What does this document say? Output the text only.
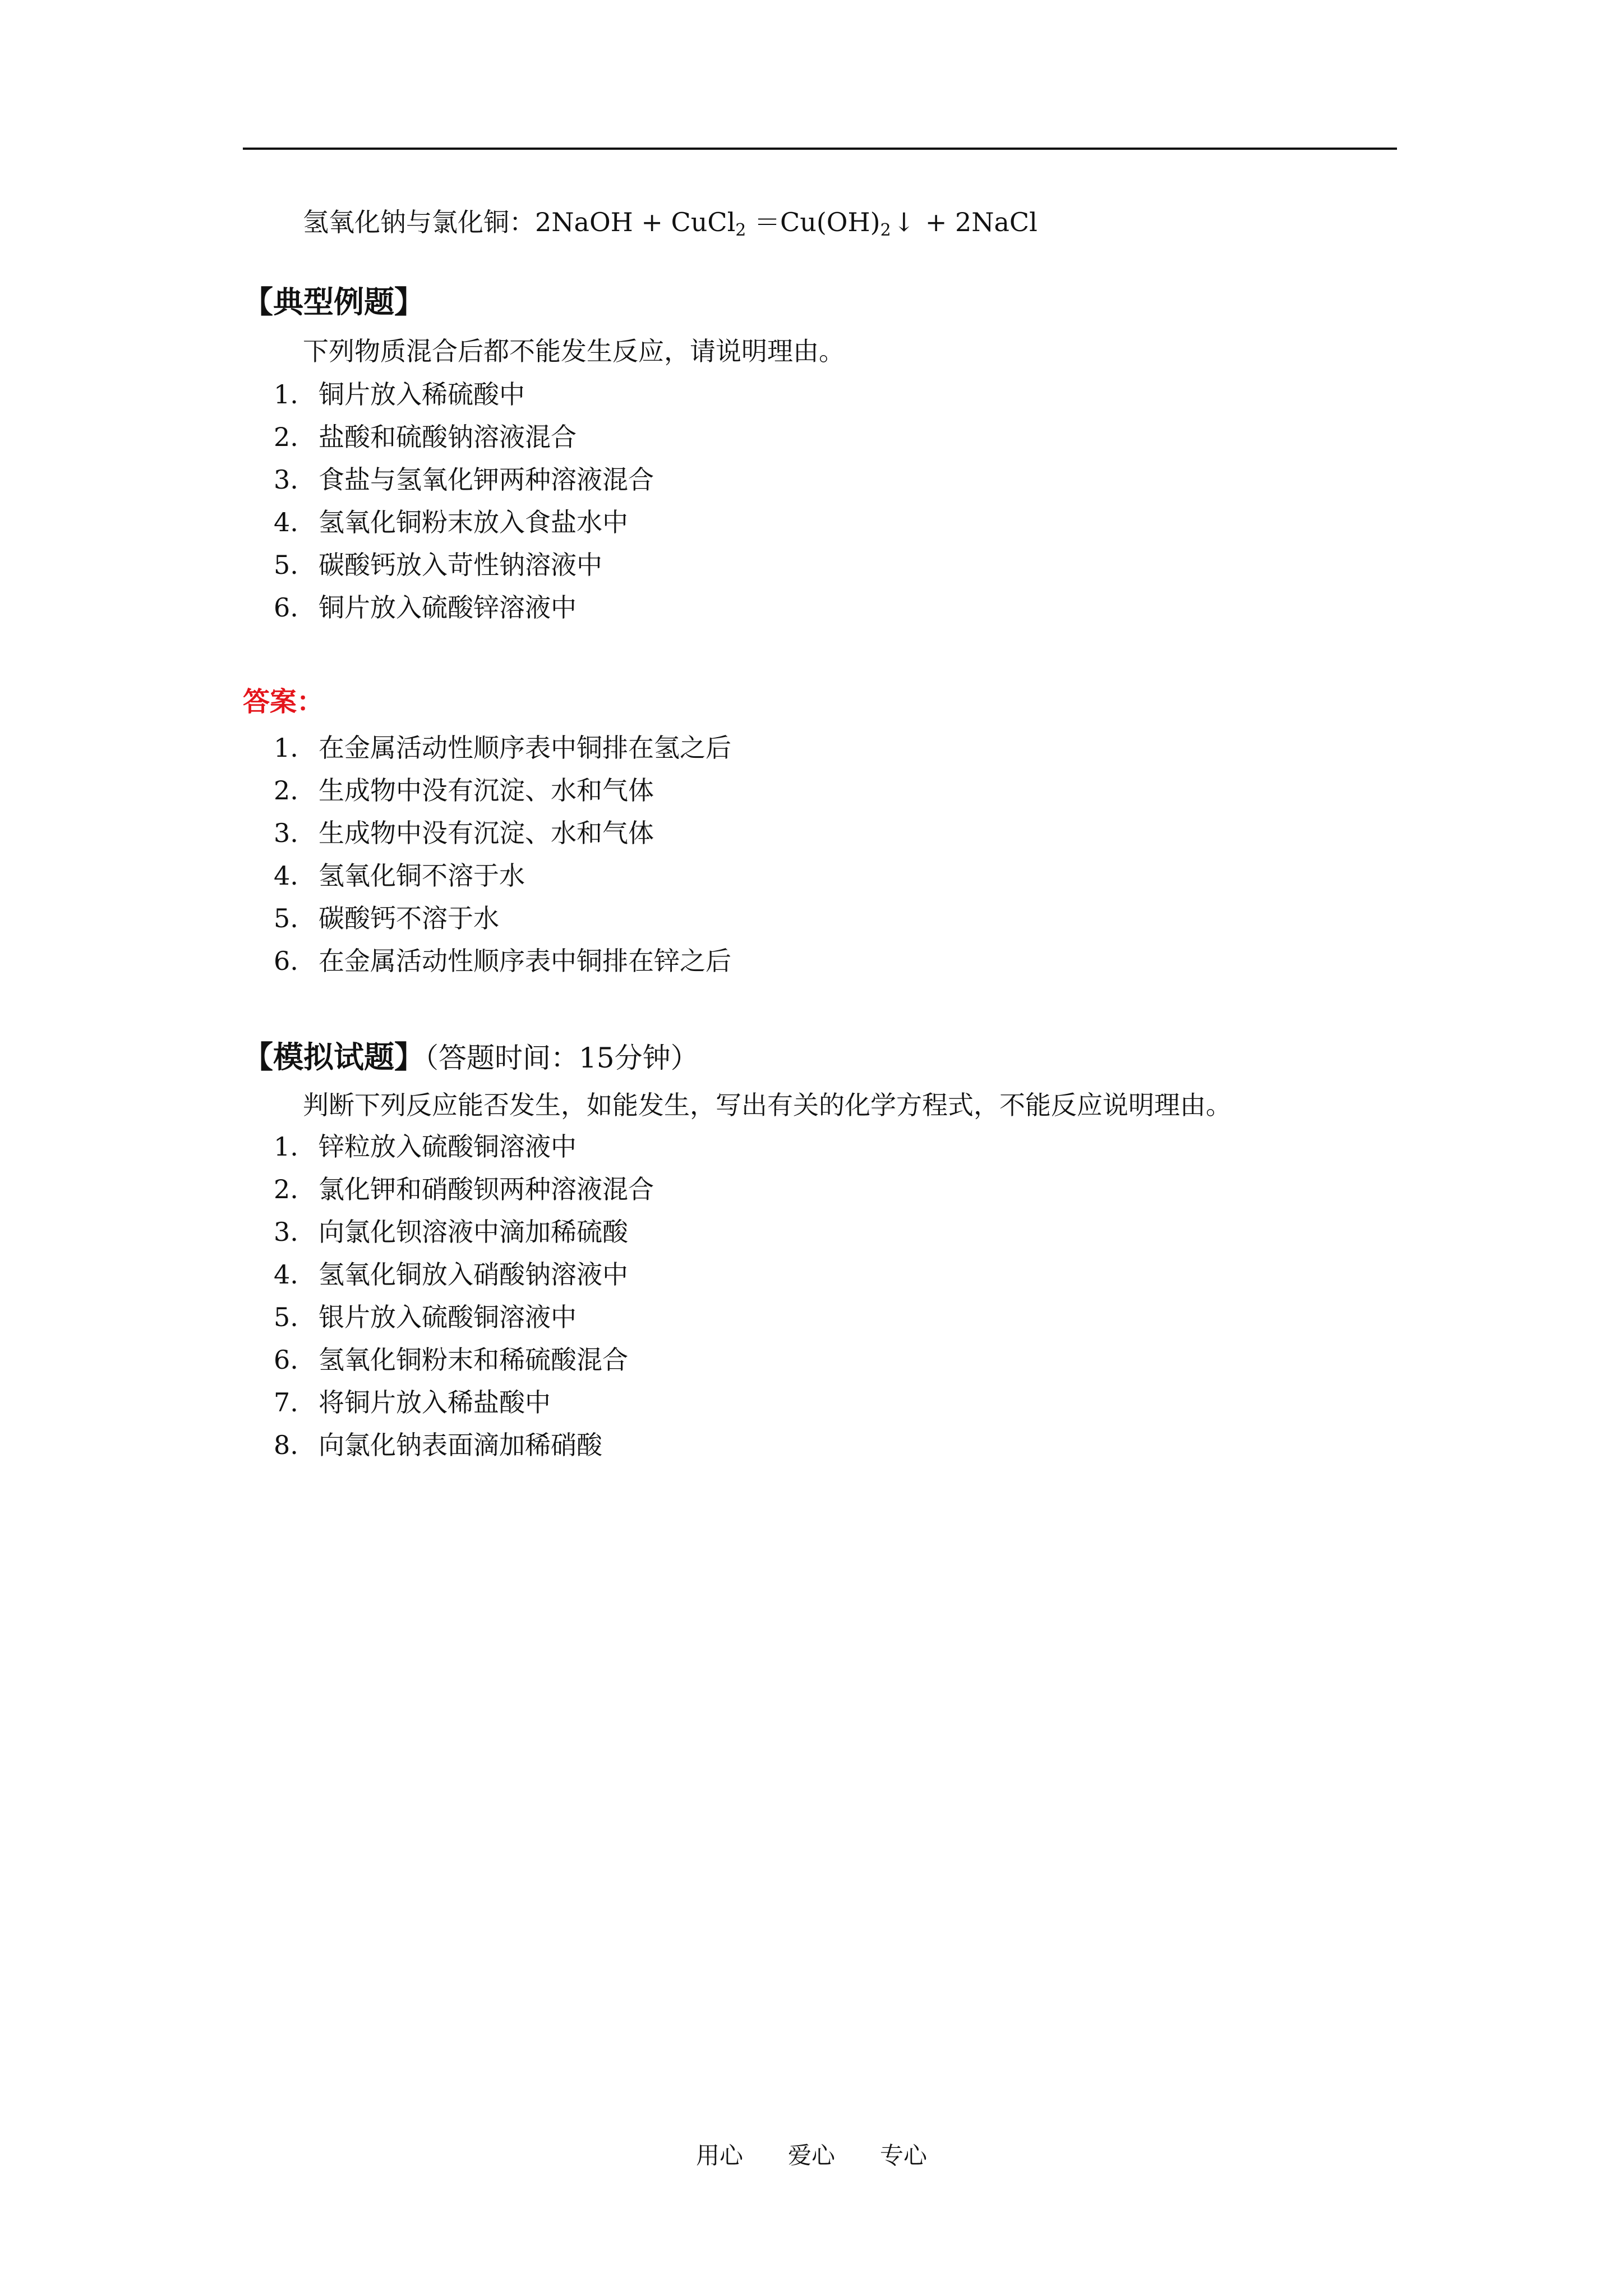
氢氧化钠与氯化铜：2NaOH + CuCl$_2$ $=Cu(OH)_2↓$ + 2NaCl
【典型例题】
下列物质混合后都不能发生反应，请说明理由。
1. 铜片放入稀硫酸中
2. 盐酸和硫酸钠溶液混合
3. 食盐与氢氧化钾两种溶液混合
4. 氢氧化铜粉末放入食盐水中
5. 碳酸钙放入苛性钠溶液中
6. 铜片放入硫酸锌溶液中
答案：
1. 在金属活动性顺序表中铜排在氢之后
2. 生成物中没有沉淀、水和气体
3. 生成物中没有沉淀、水和气体
4. 氢氧化铜不溶于水
5. 碳酸钙不溶于水
6. 在金属活动性顺序表中铜排在锌之后
【模拟试题】（答题时间：15分钟）
判断下列反应能否发生，如能发生，写出有关的化学方程式，不能反应说明理由。
1. 锌粒放入硫酸铜溶液中
2. 氯化钾和硝酸钡两种溶液混合
3. 向氯化钡溶液中滴加稀硫酸
4. 氢氧化铜放入硝酸钠溶液中
5. 银片放入硫酸铜溶液中
6. 氢氧化铜粉末和稀硫酸混合
7. 将铜片放入稀盐酸中
8. 向氯化钠表面滴加稀硝酸
用心 爱心 专心
